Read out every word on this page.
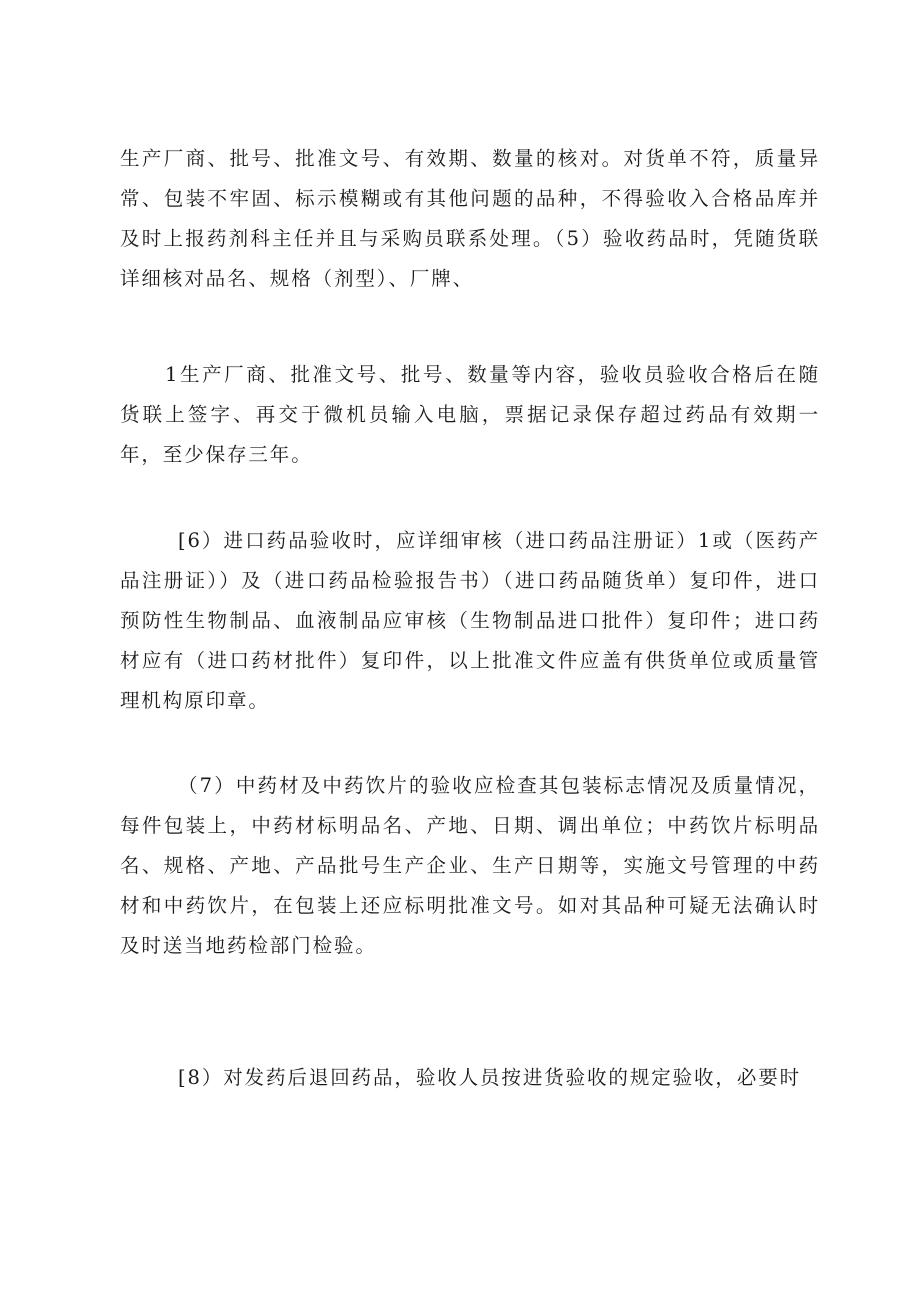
生产厂商、批号、批准文号、有效期、数量的核对。对货单不符，质量异常、包装不牢固、标示模糊或有其他问题的品种，不得验收入合格品库并及时上报药剂科主任并且与采购员联系处理。（5）验收药品时，凭随货联详细核对品名、规格（剂型）、厂牌、

1生产厂商、批准文号、批号、数量等内容，验收员验收合格后在随货联上签字、再交于微机员输入电脑，票据记录保存超过药品有效期一年，至少保存三年。

[6）进口药品验收时，应详细审核（进口药品注册证）1或（医药产品注册证））及（进口药品检验报告书）（进口药品随货单）复印件，进口预防性生物制品、血液制品应审核（生物制品进口批件）复印件；进口药材应有（进口药材批件）复印件，以上批准文件应盖有供货单位或质量管理机构原印章。

（7）中药材及中药饮片的验收应检查其包装标志情况及质量情况，每件包装上，中药材标明品名、产地、日期、调出单位；中药饮片标明品名、规格、产地、产品批号生产企业、生产日期等，实施文号管理的中药材和中药饮片，在包装上还应标明批准文号。如对其品种可疑无法确认时及时送当地药检部门检验。

[8）对发药后退回药品，验收人员按进货验收的规定验收，必要时
